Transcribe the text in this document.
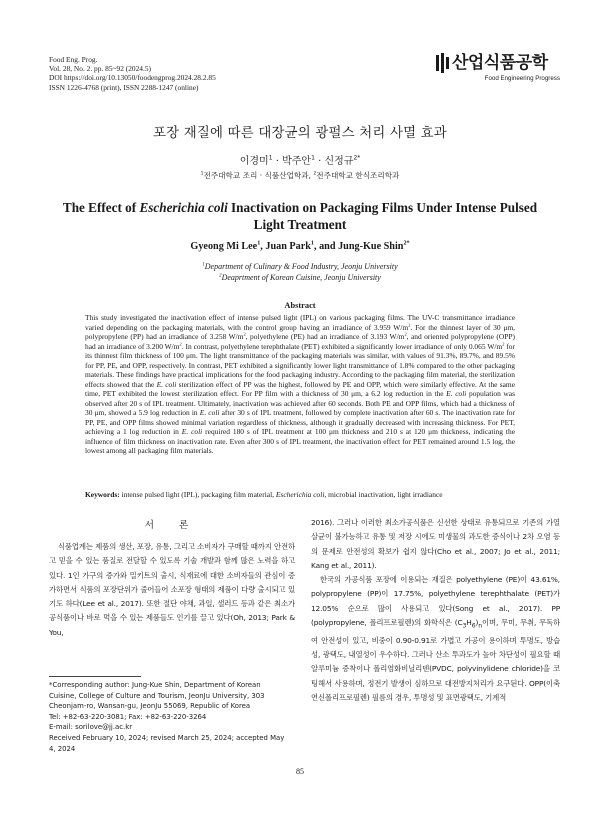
Food Eng. Prog.
Vol. 28, No. 2. pp. 85~92 (2024.5)
DOI https://doi.org/10.13050/foodengprog.2024.28.2.85
ISSN 1226-4768 (print), ISSN 2288-1247 (online)
산업식품공학
Food Engineering Progress
포장 재질에 따른 대장균의 광펄스 처리 사멸 효과
이경미$^1$ · 박주안$^1$ · 신정규$^{2*}$
$^1$전주대학교 조리 · 식품산업학과, $^2$전주대학교 한식조리학과
The Effect of Escherichia coli Inactivation on Packaging Films Under Intense Pulsed Light Treatment
Gyeong Mi Lee$^1$, Juan Park$^1$, and Jung-Kue Shin$^{2*}$
$^1$Department of Culinary & Food Industry, Jeonju University
$^2$Deaprtment of Korean Cuisine, Jeonju University
Abstract
This study investigated the inactivation effect of intense pulsed light (IPL) on various packaging films. The UV-C transmittance irradiance varied depending on the packaging materials, with the control group having an irradiance of 3.959 $W/m^2$. For the thinnest layer of 30 μm, polypropylene (PP) had an irradiance of 3.258 $W/m^2$, polyethylene (PE) had an irradiance of 3.193 $W/m^2$, and oriented polypropylene (OPP) had an irradiance of 3.200 $W/m^2$. In contrast, polyethylene terephthalate (PET) exhibited a significantly lower irradiance of only 0.065 $W/m^2$ for its thinnest film thickness of 100 μm. The light transmittance of the packaging materials was similar, with values of 91.3%, 89.7%, and 89.5% for PP, PE, and OPP, respectively. In contrast, PET exhibited a significantly lower light transmittance of 1.8% compared to the other packaging materials. These findings have practical implications for the food packaging industry. According to the packaging film material, the sterilization effects showed that the E. coli sterilization effect of PP was the highest, followed by PE and OPP, which were similarly effective. At the same time, PET exhibited the lowest sterilization effect. For PP film with a thickness of 30 μm, a 6.2 log reduction in the E. coli population was observed after 20 s of IPL treatment. Ultimately, inactivation was achieved after 60 seconds. Both PE and OPP films, which had a thickness of 30 μm, showed a 5.9 log reduction in E. coli after 30 s of IPL treatment, followed by complete inactivation after 60 s. The inactivation rate for PP, PE, and OPP films showed minimal variation regardless of thickness, although it gradually decreased with increasing thickness. For PET, achieving a 1 log reduction in E. coli required 180 s of IPL treatment at 100 μm thickness and 210 s at 120 μm thickness, indicating the influence of film thickness on inactivation rate. Even after 300 s of IPL treatment, the inactivation effect for PET remained around 1.5 log, the lowest among all packaging film materials.
Keywords: intense pulsed light (IPL), packaging film material, Escherichia coli, microbial inactivation, light irradiance
서 론

식품업계는 제품의 생산, 포장, 유통, 그리고 소비자가 구매할 때까지 안전하고 믿을 수 있는 품질로 전달할 수 있도록 기술 개발과 함께 많은 노력을 하고 있다. 1인 가구의 증가와 밀키트의 출시, 식재료에 대한 소비자들의 관심이 증가하면서 식품의 포장단위가 줄어들어 소포장 형태의 제품이 다량 출시되고 있기도 하다(Lee et al., 2017). 또한 절단 야채, 과일, 샐러드 등과 같은 최소가공식품이나 바로 먹을 수 있는 제품들도 인기를 끌고 있다(Oh, 2013; Park & You,

2016). 그러나 이러한 최소가공식품은 신선한 상태로 유통되므로 기존의 가열 살균이 불가능하고 유통 및 저장 시에도 미생물의 과도한 증식이나 2차 오염 등의 문제로 안전성의 확보가 쉽지 않다(Cho et al., 2007; Jo et al., 2011; Kang et al., 2011).

한국의 가공식품 포장에 이용되는 재질은 polyethylene (PE)이 43.61%, polypropylene (PP)이 17.75%, polyethylene terephthalate (PET)가 12.05% 순으로 많이 사용되고 있다(Song et al., 2017). PP (polypropylene, 폴리프로필렌)의 화학식은 $(C_3H_6)_n$이며, 무미, 무취, 무독하여 안전성이 있고, 비중이 0.90-0.91로 가볍고 가공이 용이하며 투명도, 방습성, 광택도, 내열성이 우수하다. 그러나 산소 투과도가 높아 차단성이 필요할 때 알루미늄 증착이나 폴리염화비닐리덴(PVDC, polyvinylidene chloride)을 코팅해서 사용하며, 정전기 발생이 심하므로 대전방지처리가 요구된다. OPP(이축연신폴리프로필렌) 필름의 경우, 투명성 및 표면광택도, 기계적

*Corresponding author: Jung-Kue Shin, Department of Korean
Cuisine, College of Culture and Tourism, JeonJu University, 303
Cheonjam-ro, Wansan-gu, JeonJu 55069, Republic of Korea
Tel: +82-63-220-3081; Fax: +82-63-220-3264
E-mail: sorilove@jj.ac.kr
Received February 10, 2024; revised March 25, 2024; accepted May
4, 2024
85
